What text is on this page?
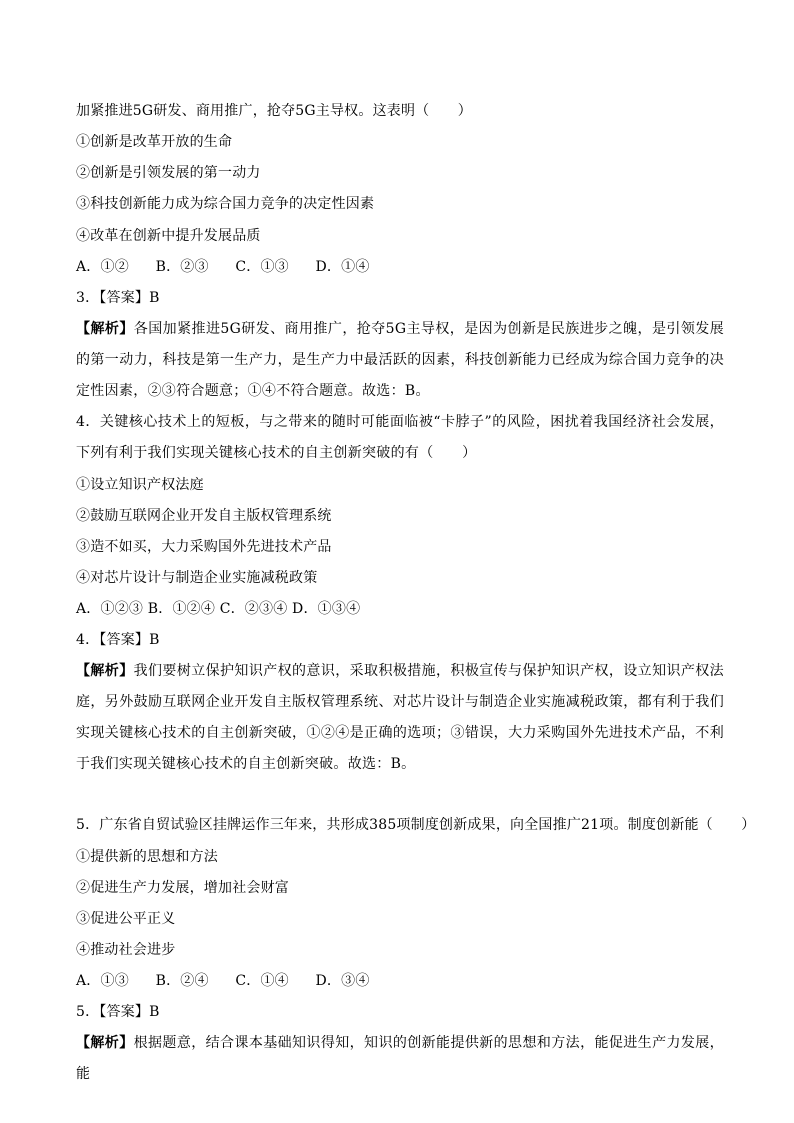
加紧推进5G研发、商用推广，抢夺5G主导权。这表明（　　）
①创新是改革开放的生命
②创新是引领发展的第一动力
③科技创新能力成为综合国力竞争的决定性因素
④改革在创新中提升发展品质
A．①② B．②③ C．①③ D．①④
3．【答案】B
【解析】各国加紧推进5G研发、商用推广，抢夺5G主导权，是因为创新是民族进步之魄，是引领发展的第一动力，科技是第一生产力，是生产力中最活跃的因素，科技创新能力已经成为综合国力竞争的决定性因素，②③符合题意；①④不符合题意。故选：B。
4．关键核心技术上的短板，与之带来的随时可能面临被“卡脖子”的风险，困扰着我国经济社会发展，下列有利于我们实现关键核心技术的自主创新突破的有（　　）
①设立知识产权法庭
②鼓励互联网企业开发自主版权管理系统
③造不如买，大力采购国外先进技术产品
④对芯片设计与制造企业实施减税政策
A．①②③ B．①②④ C．②③④ D．①③④
4．【答案】B
【解析】我们要树立保护知识产权的意识，采取积极措施，积极宣传与保护知识产权，设立知识产权法庭，另外鼓励互联网企业开发自主版权管理系统、对芯片设计与制造企业实施减税政策，都有利于我们实现关键核心技术的自主创新突破，①②④是正确的选项；③错误，大力采购国外先进技术产品，不利于我们实现关键核心技术的自主创新突破。故选：B。
5．广东省自贸试验区挂牌运作三年来，共形成385项制度创新成果，向全国推广21项。制度创新能（　　）
①提供新的思想和方法
②促进生产力发展，增加社会财富
③促进公平正义
④推动社会进步
A．①③ B．②④ C．①④ D．③④
5．【答案】B
【解析】根据题意，结合课本基础知识得知，知识的创新能提供新的思想和方法，能促进生产力发展，能
